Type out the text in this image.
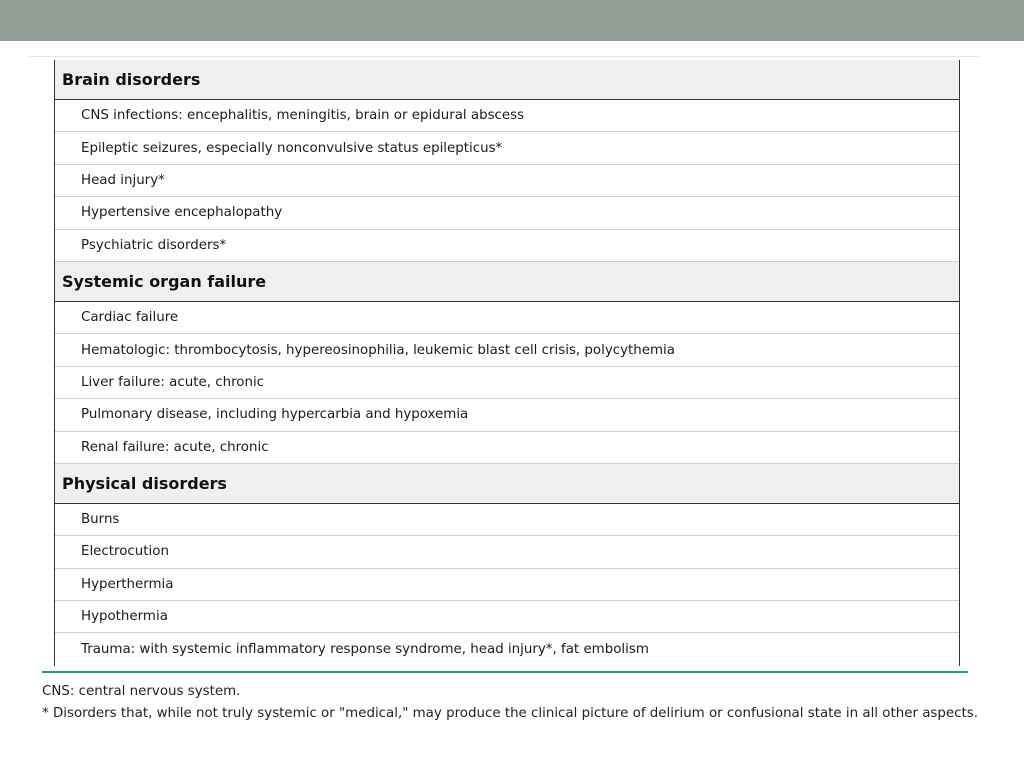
Brain disorders
CNS infections: encephalitis, meningitis, brain or epidural abscess
Epileptic seizures, especially nonconvulsive status epilepticus*
Head injury*
Hypertensive encephalopathy
Psychiatric disorders*
Systemic organ failure
Cardiac failure
Hematologic: thrombocytosis, hypereosinophilia, leukemic blast cell crisis, polycythemia
Liver failure: acute, chronic
Pulmonary disease, including hypercarbia and hypoxemia
Renal failure: acute, chronic
Physical disorders
Burns
Electrocution
Hyperthermia
Hypothermia
Trauma: with systemic inflammatory response syndrome, head injury*, fat embolism
CNS: central nervous system.
* Disorders that, while not truly systemic or "medical," may produce the clinical picture of delirium or confusional state in all other aspects.
